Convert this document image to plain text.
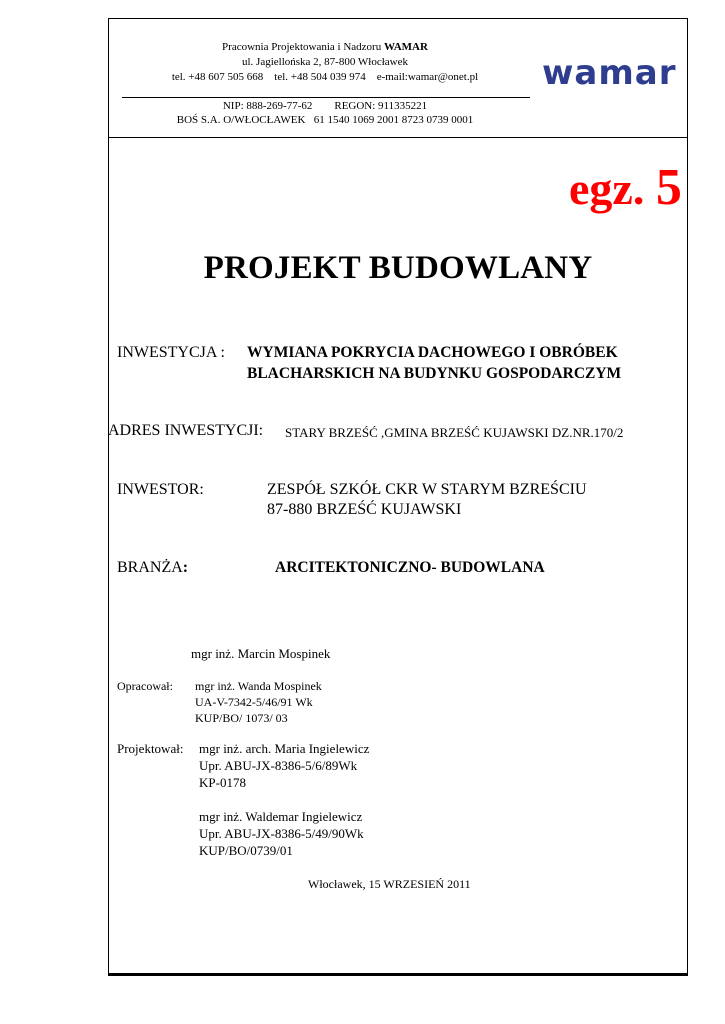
Pracownia Projektowania i Nadzoru WAMAR
ul. Jagiellońska 2, 87-800 Włocławek
tel. +48 607 505 668    tel. +48 504 039 974    e-mail:wamar@onet.pl
NIP: 888-269-77-62        REGON: 911335221
BOŚ S.A. O/WŁOCŁAWEK   61 1540 1069 2001 8723 0739 0001
wamar
egz. 5
PROJEKT BUDOWLANY
INWESTYCJA : WYMIANA POKRYCIA DACHOWEGO I OBRÓBEK
BLACHARSKICH NA BUDYNKU GOSPODARCZYM
ADRES INWESTYCJI: STARY BRZEŚĆ ,GMINA BRZEŚĆ KUJAWSKI DZ.NR.170/2
INWESTOR:	ZESPÓŁ SZKÓŁ CKR W STARYM BZREŚCIU
87-880 BRZEŚĆ KUJAWSKI
BRANŻA:	ARCITEKTONICZNO- BUDOWLANA
mgr inż. Marcin Mospinek
Opracował: mgr inż. Wanda Mospinek
UA-V-7342-5/46/91 Wk
KUP/BO/ 1073/ 03
Projektował: mgr inż. arch. Maria Ingielewicz
Upr. ABU-JX-8386-5/6/89Wk
KP-0178
mgr inż. Waldemar Ingielewicz
Upr. ABU-JX-8386-5/49/90Wk
KUP/BO/0739/01
Włocławek, 15 WRZESIEŃ 2011
